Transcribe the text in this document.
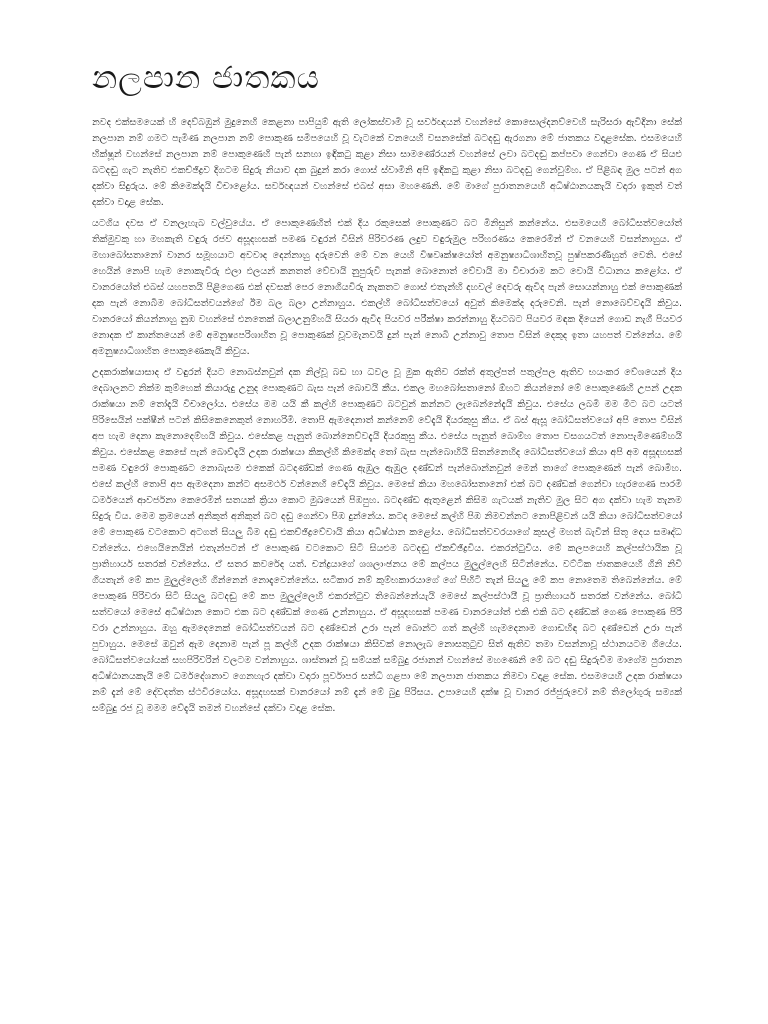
නලපාන ජාතකය

නවද එක්සමයෙක් හි දෙව්බඹුන් මුදුනෙහි කෙළනා පාපියුම් ඇති ලෝකස්වාමී වූ සර්වඥයන් වහන්සේ කොසොල්දනව්වෙහි සැරිසරා ඇවිදිනා සේක් නලපාන නම් ගමට පැමිණ නලපාන නම් පොකුණ සමීපයෙහි වූ වැටකේ වනයෙහි වසනසේක් බටදඬු ඇරගනා මේ ජාතකය වදාළසේක. එසමයෙහි භික්ෂූන් වහන්සේ නලපාන නම් පොකුණෙහි පැන් සනහා ඉඳිකටු කුළා නිසා සාමණේරයන් වහන්සේ ලවා බටදඬු කප්පවා ගෙන්වා ගෙණ ඒ සියළු බටදඬු ගැට නැතිව එකච්ඡිද්‍රව දිගටම සිදුරු නියාව දක බුදුන් කරා ගොස් ස්වාමිනි අපි ඉඳිකටු කුළා නිසා බටදඬු ගෙන්වුම්හ. ඒ පිළිබඳ මුල පටන් අග දක්වා සිදුරුය. මේ කිමෙක්දැයි විචාළෝය. සර්වඥයන් වහන්සේ එබස් අසා මහණෙනි. මේ මාගේ පුරාතනයෙහි අධිෂ්ඨානයකැයි වදාරා ඉකුත් වත් දක්වා වදාළ සේක.

යටගිය දවස ඒ වනලැහැබ වල්වුයේය. ඒ පොකුණෙහිත් එක් දිය රකුසෙක් පොකුණට බට මිනිසුන් කන්නේය. එසමයෙහි බෝධිසත්වයෝත් තික්මුවකු හා මහකැති වඳුරු රජව අසූදහසක් පමණ වඳුරන් විසින් පිරිවරණ ලදුව වඳුරුමුල පරිහරණය කෙරෙමින් ඒ වනයෙහි වසන්නාහුය. ඒ මහාබෝසතානෝ වානර සමූහයාට අවවාද දෙන්නාහු දරුවෙනි මේ වන යෙහි විෂවෘක්ෂයෝත් අමනුෂ්‍යාධිශාහිතවූ පුෂ්පකරණීහුත් වෙති. එසේ හෙයින් නොපි හැම නොකැවිරු ඵලා ඵලයන් කනතත් වේවායි නුපුරුවි පැනක් බොනොත් වේවායි මා විචාරාම කට වොයි විධානය කළෝය. ඒ වානරයෝත් එබස් යහපතයි පිළිගෙණ එක් දවසක් පෙර නොගියවිරු නැකතට ගොස් එතැන්හි දහවල් දෙවරු ඇවිද පැන් සොයන්නාහු එක් පොකුණක් දක පැන් නොබීම බෝධිසත්වයන්ගේ ඊම බල බලා උන්නාහුය. එකල්හි බෝධිසත්වයෝ අවුත් කිමෙක්ද දරුවෙනි. පැන් නොබෙව්වදැයි කිවුය. වානරයෝ කියන්නාහු නුඹ වහන්සේ එනතෙක් බලාඋනුම්හයි සියරා ඇවිද පියවර පරීක්ෂා කරන්නාහු දියටබට පියවර මඳක දියෙන් ගොඩ නැගී පියවර නොදක ඒ කාන්තයෙන් මේ අමනුෂ්‍යපරිශාහිත වූ පොකුණක් වූවමැනවයි දුන් පැන් නොබී උන්නාවු තොප විසින් දෙකුද ඉතා යහපත් වන්නේය. මේ අමනුෂ්‍යාධිශාහිත පොකුණෙකැයි කිවුය.

උදකරාක්ෂයාසාද ඒ වඳුරන් දියට නොබස්නවුන් දක නිල්වූ බඩ හා ධවල වූ මුක ඇතිව රක්ත් අතුල්පත් පතුල්පල ඇතිව භයංකර වේශයෙන් දිය දෙබාලනට නික්ම කුම්හෙක් කියාරුදු උනුද පොකුණට බැස පැන් බොවයි කීය. එකල මහබෝසතානෝ ඕහට කියන්නෝ මේ පොකුණෙහි උපන් උදක රාක්ෂයා නම් තෝදැයි විචාලෝය. එසේය මම යයි කී කල්හි පොකුණට බටවුන් කන්නට ලැබෙන්නේදැයි කිවුය. එසේය ලබමි මම මීට බට යටත් පිරිසෙයින් පක්ෂීන් පටන් කිසිකෙනෙකුත් නොහරිමි. තොපි ඇමදෙනාත් කන්නෙම් වේදැයි දියරකුසු කීය. ඒ බස් ඇසූ බෝධිසත්වයෝ අපි තොප විසින් අප හැම දෙනා කැනොදෙම්හයි කිවුය. එසේකළ පැනුත් බොන්නෙව්වදැයි දියරකුසු කීය. එසේය පැනුත් බොම්හ තොප වසගයටත් නොපැමිණෙම්හයි කිවුය. එසේකළ කෙසේ පැන් බොව්දැයි උදක රාක්ෂයා කිකල්හි කිමෙක්ද තෝ බැස පැන්බොහියි සිතන්නෙහිද බෝධිසත්වයෝ කියා අපි අම අසූදහසක් පමණ වඳුරෝ පොකුණට නොබැසම එකෙක් බටදණ්ඩක් ගෙණ ඇඹුල ඇඹුල දණ්ඩන් පැන්බොන්නවුන් මෙන් තාගේ පොකුණෙන් පැන් බොමිහ. එසේ කල්හි තොපි අප ඇමදෙනා කන්ට අසමර්ථ වන්නෙහි වේදැයි කිවුය. මෙසේ කියා මහබෝසතානෝ එක් බට දණ්ඩක් ගෙන්වා හැරගෙණ පාරමි ධර්මයෙන් ආවර්ජනා කෙරෙමින් සතයක් ක්‍රියා කොට මුඛයෙන් පිඹපුහ. බටදණ්ඩ ඇතුළෙන් කිසිම ගැටයක් නැතිව මුල සිට අග දක්වා හැම තැනම සිදුරු විය. මෙම ක්‍රමයෙන් අනිකුත් අනිකුත් බට දඬු ගෙන්වා පිඹ දුන්නේය. කටද මෙසේ කල්හි පිඹ නිමවන්නට නොපිළිවන් යයි කියා බෝධිසත්වයෝ මේ පොකුණ වටකොට අටගත් සියලු බිම දඬු එකච්ඡිද්‍රවේවායි කියා අධිෂ්ඨාන කළෝය. බෝධිසත්වවරයාගේ කුසල් මහත් බැවින් සිතූ දෙය සමෘද්ධ වන්නේය. එහෙයිනෙයින් එතැන්පටන් ඒ පොකුණ වටකොට සිටි සියළුම බටදඬු ඒකච්ඡිද්‍රවිය. එකරන්ටුවිය. මේ කලපයෙහි කල්පස්ථායික වූ ප්‍රාතිහාර්ය සතරක් වන්නේය. ඒ සතර කවරේද යත්. චන්ද්‍රයාගේ ශශලාංඡනය මේ කල්පය මුලුල්ලෙහි සිටින්නේය. වට්ටික ජාතකයෙහි ගිනි නිවී ගියතැන් මේ කප මුලුල්ලෙහි ගින්නෙන් නොදැවෙන්නේය. ඝටීකාර නම් කුම්භකාරයාගේ ගේ පිහිටි තැන් සියලු මේ කප නොතෙම තිබෙන්නේය. මේ පොකුණ පිරිවරා සිටි සියලු බටදඬු මේ කප මුලුල්ලෙහි එකරන්ටුව තිබෙන්නේයැයි මෙසේ කල්පස්ථායී වූ ප්‍රාතිහාර්ය සතරක් වන්නේය. බෝධි සත්වයෝ මෙසේ අධිෂ්ඨාන කොට එක බට දණ්ඩක් ගෙණ උන්නාහුය. ඒ අසූදහසක් පමණ වානරයෝත් එකි එකි බට දණ්ඩක් ගෙණ පොකුණ පිරි වරා උන්නාහුය. ඔහු ඇමදෙනෙක් බෝධිසත්වයන් බට දණ්ඩෙන් උරා පැන් බොන්ට ගත් කල්හි හැමදෙනාම ගොඩහිඳ බට දණ්ඩෙන් උරා පැන් පුවාහුය. මෙසේ ඔවුන් ඇම දෙනාම පැන් පූ කල්හි උදක රාක්ෂයා කිසිවක් නොලැබ නොසතුටුව සිත් ඇතිව තමා වසන්නාවූ ස්ථානයටම ගියේය. බෝධිසත්වයෝයක් සහපිරිවරින් වලටම වන්නාහුය. ශාස්තෘන් වූ සම්යක් සම්බුදු රජානන් වහන්සේ මහණෙනි මේ බට දඬු සිදුරුවීම මාගේම පුරාතන අධිෂ්ඨානයකැයි මේ ධර්මදේශනාව ගෙනහැර දක්වා වදාරා පූර්වාපර සන්ධි ගළපා මේ නලපාන ජාතකය නිමවා වදාළ සේක. එසමයෙහි උදක රාක්ෂයා නම් දැන් මේ දේවදත්ත ස්ථවිරයෝය. අසූදහසක් වානරයෝ නම් දැන් මේ බුදු පිරිසය. උපායෙහි දක්ෂ වූ වානර රජ්ජුරුවෝ නම් තිලෝගුරු සම්‍යක් සම්බුදු රජ වූ මමම වේදැයි තමන් වහන්සේ දක්වා වදාළ සේක.
